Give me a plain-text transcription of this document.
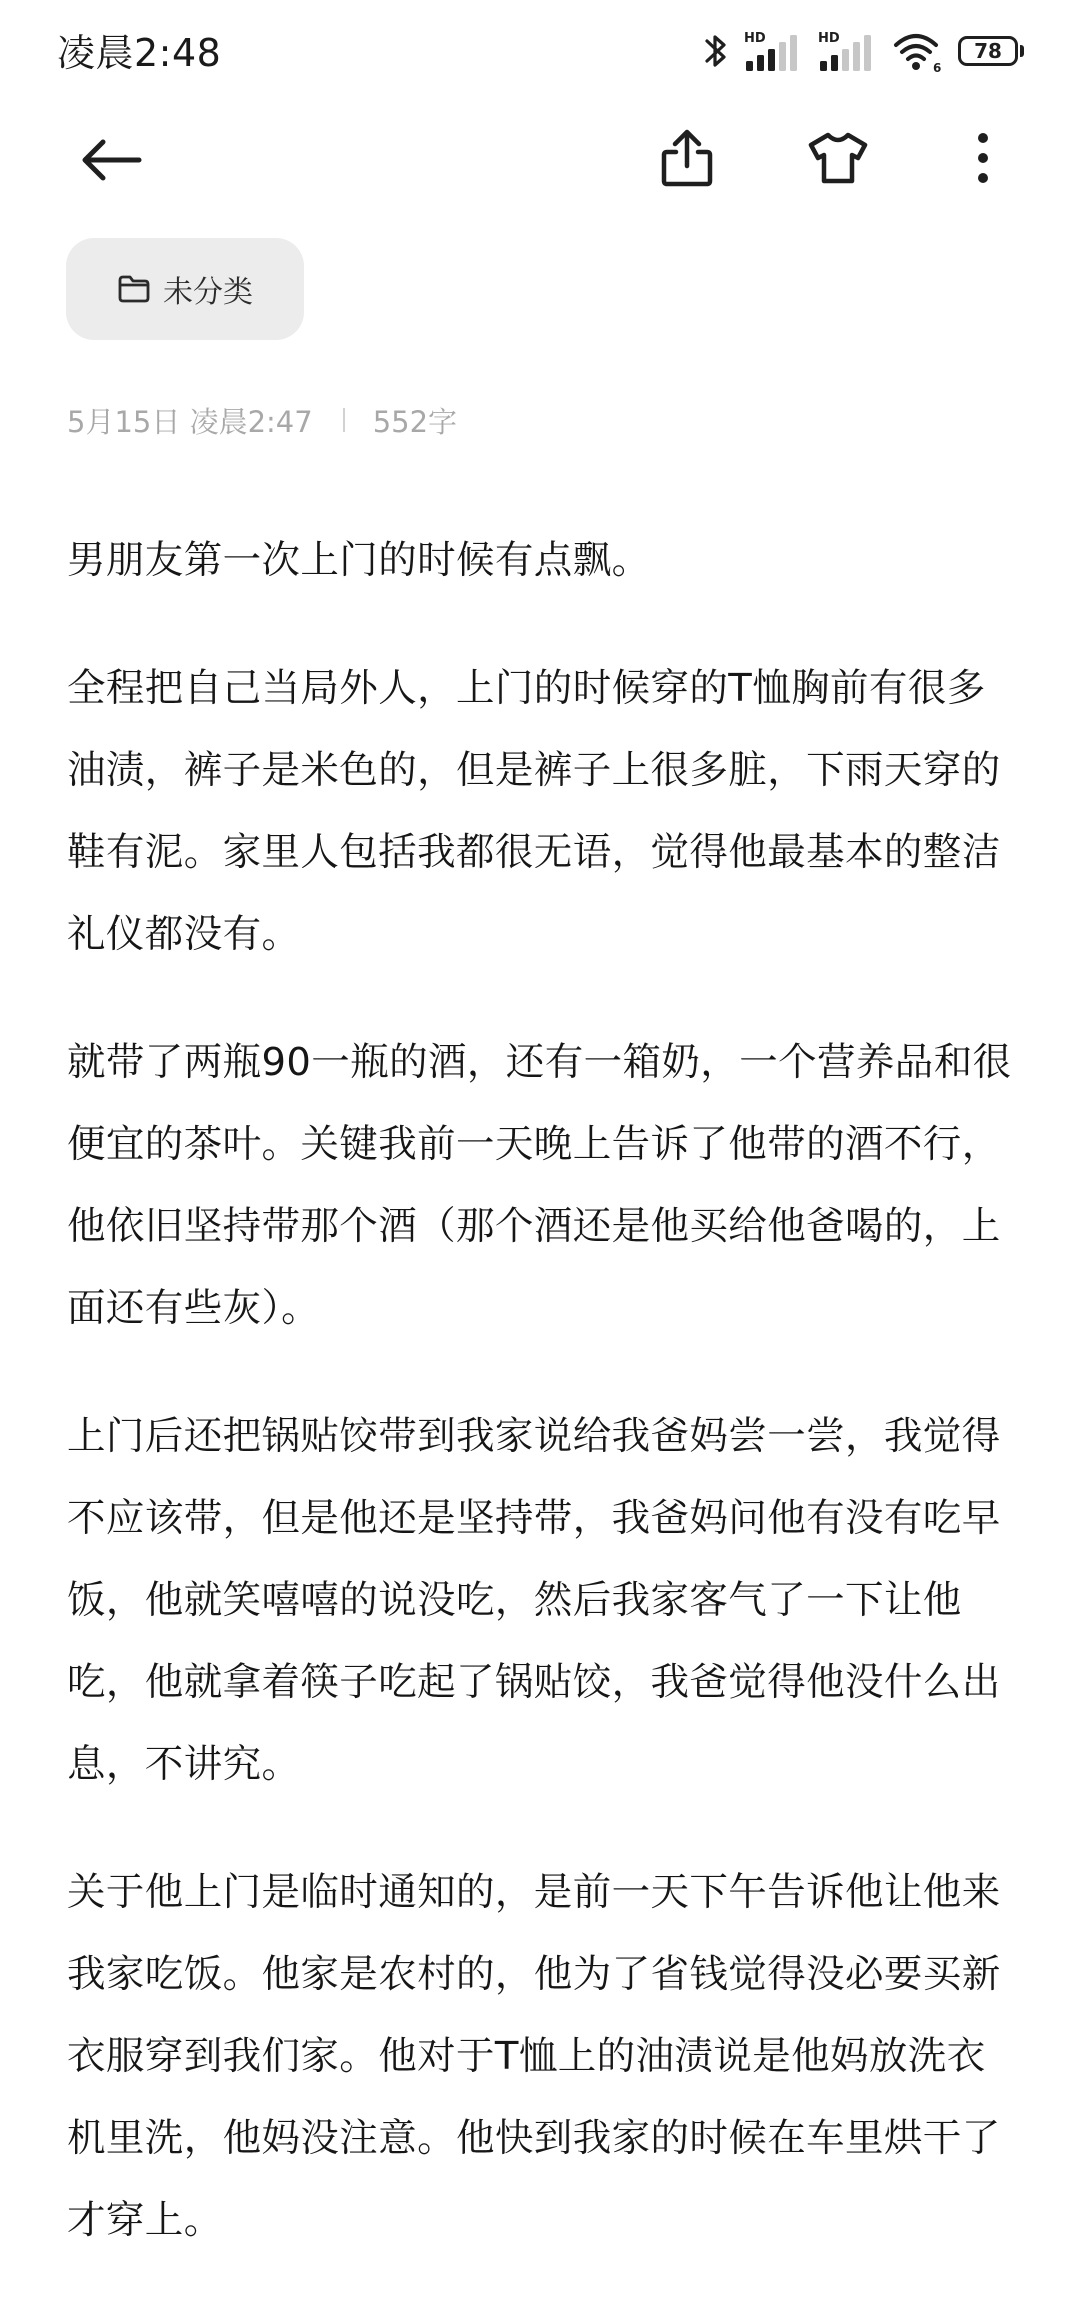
凌晨2:48	HD	HD
6
78
未分类
5月15日 凌晨2:47 552字

男朋友第一次上门的时候有点飘。

全程把自己当局外人，上门的时候穿的T恤胸前有很多油渍，裤子是米色的，但是裤子上很多脏，下雨天穿的鞋有泥。家里人包括我都很无语，觉得他最基本的整洁礼仪都没有。

就带了两瓶90一瓶的酒，还有一箱奶，一个营养品和很便宜的茶叶。关键我前一天晚上告诉了他带的酒不行，他依旧坚持带那个酒（那个酒还是他买给他爸喝的，上面还有些灰）。

上门后还把锅贴饺带到我家说给我爸妈尝一尝，我觉得不应该带，但是他还是坚持带，我爸妈问他有没有吃早饭，他就笑嘻嘻的说没吃，然后我家客气了一下让他吃，他就拿着筷子吃起了锅贴饺，我爸觉得他没什么出息，不讲究。

关于他上门是临时通知的，是前一天下午告诉他让他来我家吃饭。他家是农村的，他为了省钱觉得没必要买新衣服穿到我们家。他对于T恤上的油渍说是他妈放洗衣机里洗，他妈没注意。他快到我家的时候在车里烘干了才穿上。
